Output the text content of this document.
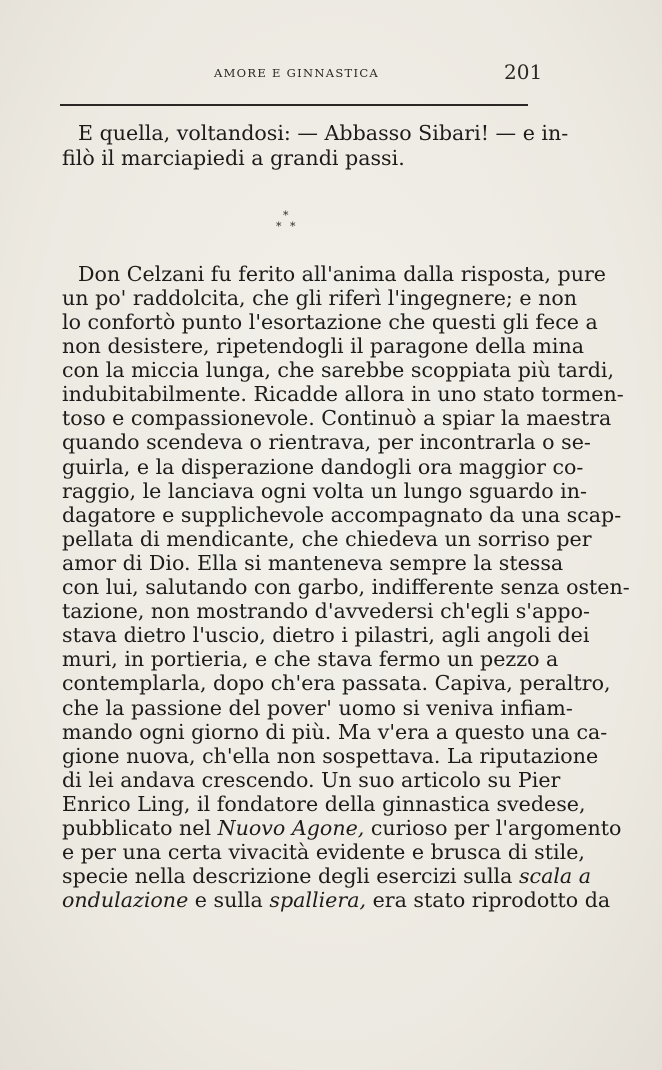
AMORE E GINNASTICA	201
E quella, voltandosi: — Abbasso Sibari! — e in-
filò il marciapiedi a grandi passi.
*
* *
Don Celzani fu ferito all'anima dalla risposta, pure
un po' raddolcita, che gli riferì l'ingegnere; e non
lo confortò punto l'esortazione che questi gli fece a
non desistere, ripetendogli il paragone della mina
con la miccia lunga, che sarebbe scoppiata più tardi,
indubitabilmente. Ricadde allora in uno stato tormen-
toso e compassionevole. Continuò a spiar la maestra
quando scendeva o rientrava, per incontrarla o se-
guirla, e la disperazione dandogli ora maggior co-
raggio, le lanciava ogni volta un lungo sguardo in-
dagatore e supplichevole accompagnato da una scap-
pellata di mendicante, che chiedeva un sorriso per
amor di Dio. Ella si manteneva sempre la stessa
con lui, salutando con garbo, indifferente senza osten-
tazione, non mostrando d'avvedersi ch'egli s'appo-
stava dietro l'uscio, dietro i pilastri, agli angoli dei
muri, in portieria, e che stava fermo un pezzo a
contemplarla, dopo ch'era passata. Capiva, peraltro,
che la passione del pover' uomo si veniva infiam-
mando ogni giorno di più. Ma v'era a questo una ca-
gione nuova, ch'ella non sospettava. La riputazione
di lei andava crescendo. Un suo articolo su Pier
Enrico Ling, il fondatore della ginnastica svedese,
pubblicato nel Nuovo Agone, curioso per l'argomento
e per una certa vivacità evidente e brusca di stile,
specie nella descrizione degli esercizi sulla scala a
ondulazione e sulla spalliera, era stato riprodotto da
